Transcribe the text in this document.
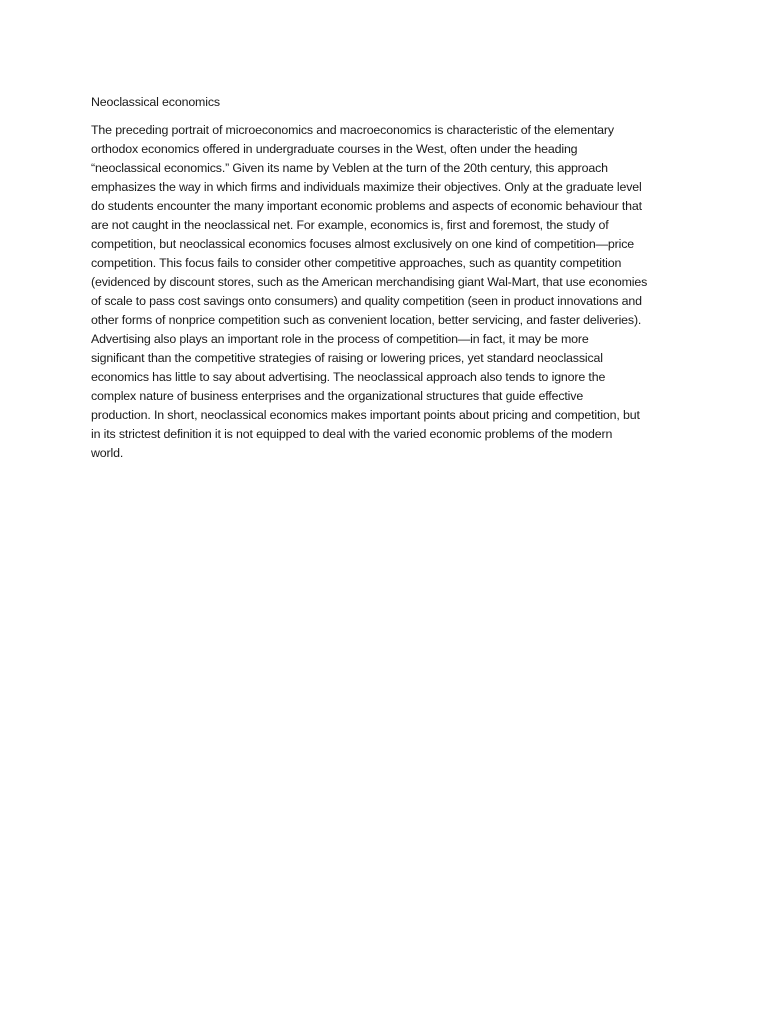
Neoclassical economics
The preceding portrait of microeconomics and macroeconomics is characteristic of the elementary
orthodox economics offered in undergraduate courses in the West, often under the heading
“neoclassical economics.” Given its name by Veblen at the turn of the 20th century, this approach
emphasizes the way in which firms and individuals maximize their objectives. Only at the graduate level
do students encounter the many important economic problems and aspects of economic behaviour that
are not caught in the neoclassical net. For example, economics is, first and foremost, the study of
competition, but neoclassical economics focuses almost exclusively on one kind of competition—price
competition. This focus fails to consider other competitive approaches, such as quantity competition
(evidenced by discount stores, such as the American merchandising giant Wal-Mart, that use economies
of scale to pass cost savings onto consumers) and quality competition (seen in product innovations and
other forms of nonprice competition such as convenient location, better servicing, and faster deliveries).
Advertising also plays an important role in the process of competition—in fact, it may be more
significant than the competitive strategies of raising or lowering prices, yet standard neoclassical
economics has little to say about advertising. The neoclassical approach also tends to ignore the
complex nature of business enterprises and the organizational structures that guide effective
production. In short, neoclassical economics makes important points about pricing and competition, but
in its strictest definition it is not equipped to deal with the varied economic problems of the modern
world.
